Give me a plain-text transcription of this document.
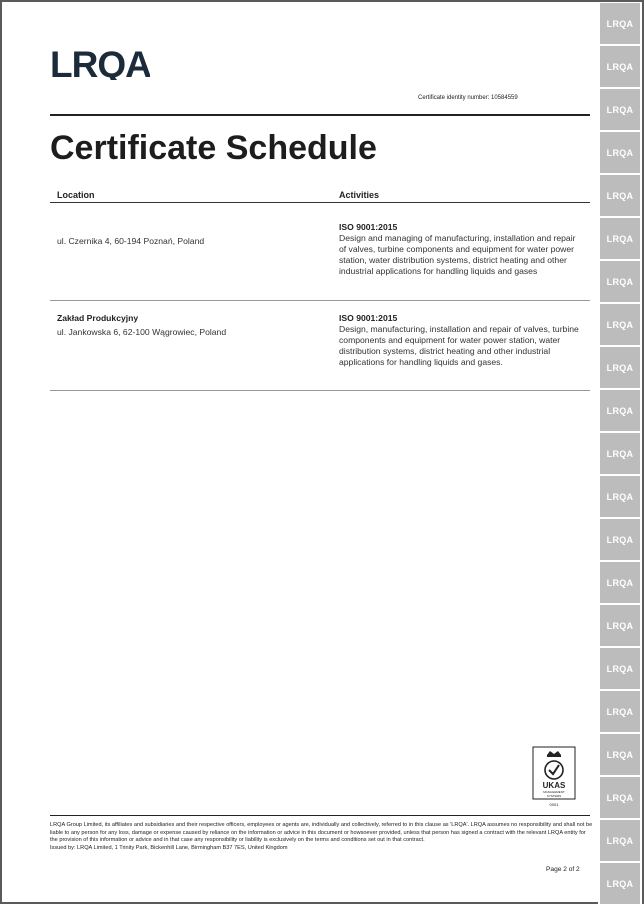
LRQA
Certificate identity number: 10584559
Certificate Schedule
Location	Activities
ul. Czernika 4, 60-194 Poznań, Poland
ISO 9001:2015
Design and managing of manufacturing, installation and repair of valves, turbine components and equipment for water power station, water distribution systems, district heating and other industrial applications for handling liquids and gases
Zakład Produkcyjny
ul. Jankowska 6, 62-100 Wągrowiec, Poland
ISO 9001:2015
Design, manufacturing, installation and repair of valves, turbine components and equipment for water power station, water distribution systems, district heating and other industrial applications for handling liquids and gases.
UKAS
MANAGEMENT
SYSTEMS
0001
LRQA Group Limited, its affiliates and subsidiaries and their respective officers, employees or agents are, individually and collectively, referred to in this clause as 'LRQA'. LRQA assumes no responsibility and shall not be liable to any person for any loss, damage or expense caused by reliance on the information or advice in this document or howsoever provided, unless that person has signed a contract with the relevant LRQA entity for the provision of this information or advice and in that case any responsibility or liability is exclusively on the terms and conditions set out in that contract.
Issued by: LRQA Limited, 1 Trinity Park, Bickenhill Lane, Birmingham B37 7ES, United Kingdom
Page 2 of 2
LRQA
LRQA
LRQA
LRQA
LRQA
LRQA
LRQA
LRQA
LRQA
LRQA
LRQA
LRQA
LRQA
LRQA
LRQA
LRQA
LRQA
LRQA
LRQA
LRQA
LRQA
